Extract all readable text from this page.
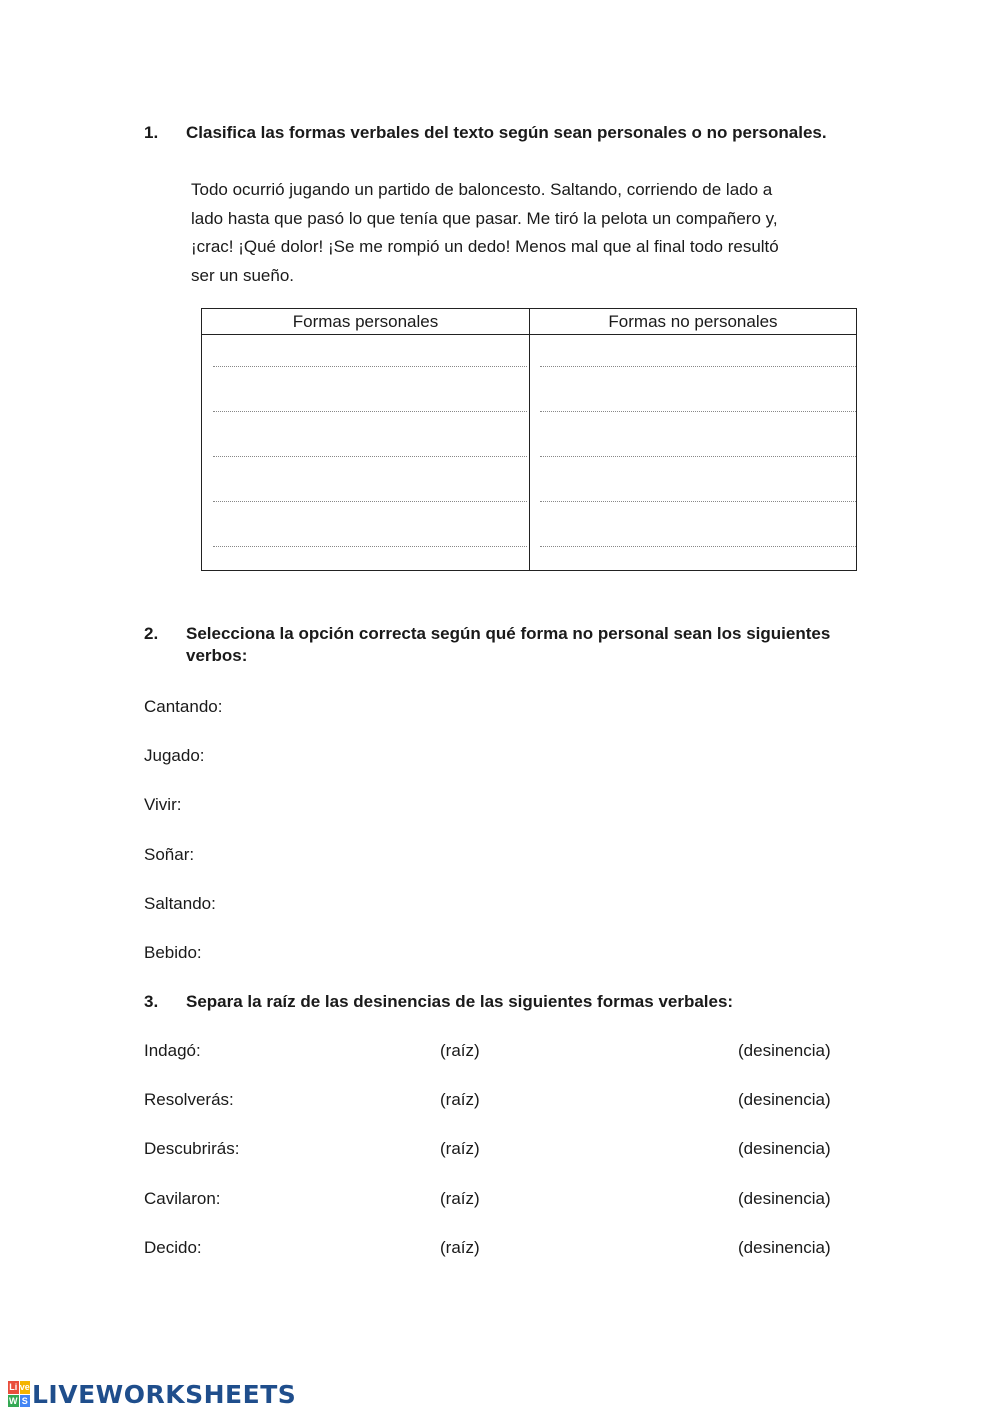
1. Clasifica las formas verbales del texto según sean personales o no personales.
Todo ocurrió jugando un partido de baloncesto. Saltando, corriendo de lado a
lado hasta que pasó lo que tenía que pasar. Me tiró la pelota un compañero y,
¡crac! ¡Qué dolor! ¡Se me rompió un dedo! Menos mal que al final todo resultó
ser un sueño.
Formas personales	Formas no personales
2. Selecciona la opción correcta según qué forma no personal sean los siguientes verbos:
Cantando:
Jugado:
Vivir:
Soñar:
Saltando:
Bebido:
3. Separa la raíz de las desinencias de las siguientes formas verbales:
Indagó:	(raíz)	(desinencia)
Resolverás:	(raíz)	(desinencia)
Descubrirás:	(raíz)	(desinencia)
Cavilaron:	(raíz)	(desinencia)
Decido:	(raíz)	(desinencia)
Li ve
W S LIVEWORKSHEETS
